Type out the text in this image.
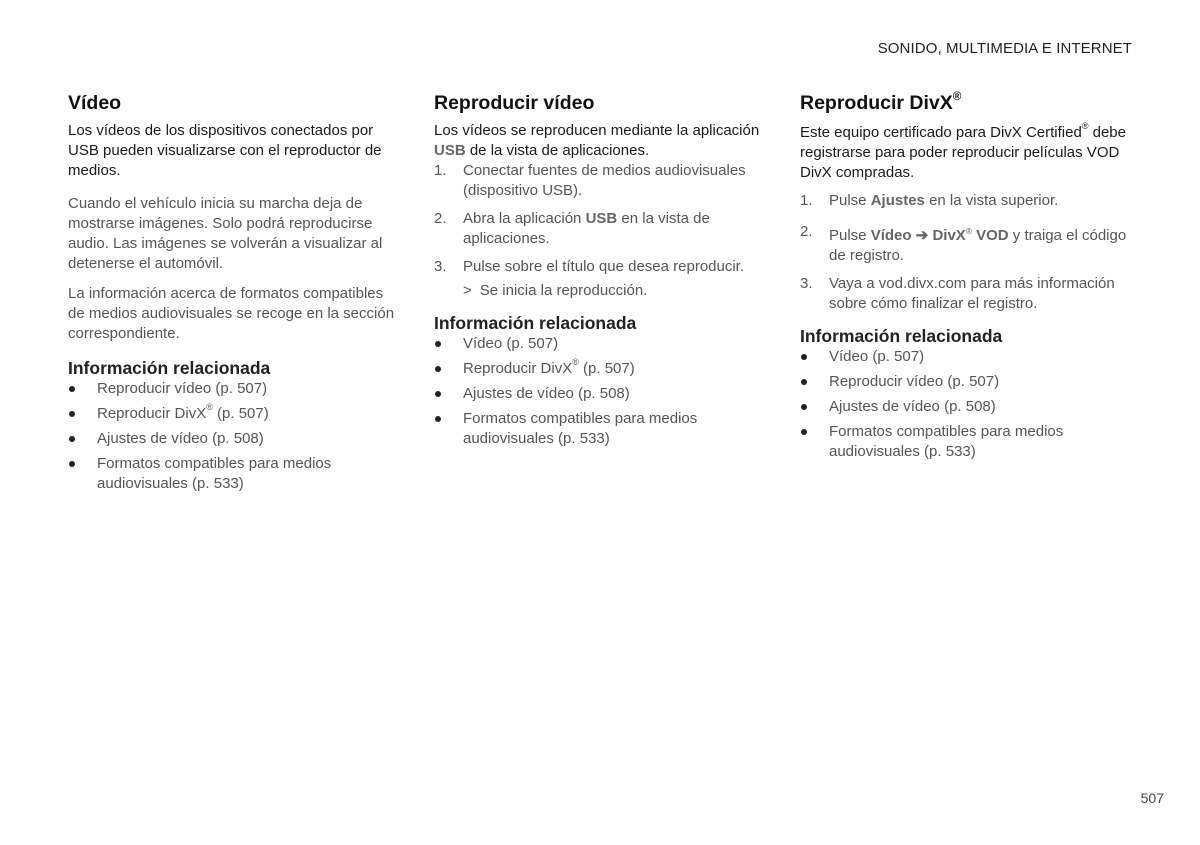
SONIDO, MULTIMEDIA E INTERNET
Vídeo

Los vídeos de los dispositivos conectados por USB pueden visualizarse con el reproductor de medios.

Cuando el vehículo inicia su marcha deja de mostrarse imágenes. Solo podrá reproducirse audio. Las imágenes se volverán a visualizar al detenerse el automóvil.

La información acerca de formatos compatibles de medios audiovisuales se recoge en la sección correspondiente.

Información relacionada
Reproducir vídeo (p. 507)
Reproducir DivX® (p. 507)
Ajustes de vídeo (p. 508)
Formatos compatibles para medios audiovisuales (p. 533)
Reproducir vídeo

Los vídeos se reproducen mediante la aplicación USB de la vista de aplicaciones.

1. Conectar fuentes de medios audiovisuales (dispositivo USB).
2. Abra la aplicación USB en la vista de aplicaciones.
3. Pulse sobre el título que desea reproducir.
> Se inicia la reproducción.
Información relacionada
Vídeo (p. 507)
Reproducir DivX® (p. 507)
Ajustes de vídeo (p. 508)
Formatos compatibles para medios audiovisuales (p. 533)
Reproducir DivX®

Este equipo certificado para DivX Certified® debe registrarse para poder reproducir películas VOD DivX compradas.

1. Pulse Ajustes en la vista superior.
2. Pulse Vídeo ➔ DivX® VOD y traiga el código de registro.
3. Vaya a vod.divx.com para más información sobre cómo finalizar el registro.
Información relacionada
Vídeo (p. 507)
Reproducir vídeo (p. 507)
Ajustes de vídeo (p. 508)
Formatos compatibles para medios audiovisuales (p. 533)
507
